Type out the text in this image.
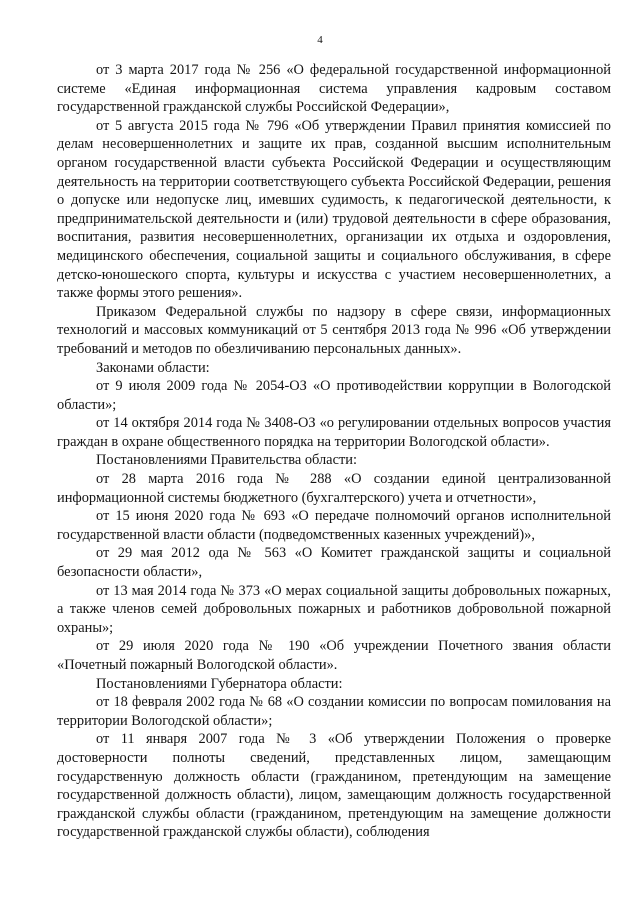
4

от 3 марта 2017 года № 256 «О федеральной государственной информационной системе «Единая информационная система управления кадровым составом государственной гражданской службы Российской Федерации»,

от 5 августа 2015 года № 796 «Об утверждении Правил принятия комиссией по делам несовершеннолетних и защите их прав, созданной высшим исполнительным органом государственной власти субъекта Российской Федерации и осуществляющим деятельность на территории соответствующего субъекта Российской Федерации, решения о допуске или недопуске лиц, имевших судимость, к педагогической деятельности, к предпринимательской деятельности и (или) трудовой деятельности в сфере образования, воспитания, развития несовершеннолетних, организации их отдыха и оздоровления, медицинского обеспечения, социальной защиты и социального обслуживания, в сфере детско-юношеского спорта, культуры и искусства с участием несовершеннолетних, а также формы этого решения».

Приказом Федеральной службы по надзору в сфере связи, информационных технологий и массовых коммуникаций от 5 сентября 2013 года № 996 «Об утверждении требований и методов по обезличиванию персональных данных».

Законами области:

от 9 июля 2009 года № 2054-ОЗ «О противодействии коррупции в Вологодской области»;

от 14 октября 2014 года № 3408-ОЗ «о регулировании отдельных вопросов участия граждан в охране общественного порядка на территории Вологодской области».

Постановлениями Правительства области:

от 28 марта 2016 года № 288 «О создании единой централизованной информационной системы бюджетного (бухгалтерского) учета и отчетности»,

от 15 июня 2020 года № 693 «О передаче полномочий органов исполнительной государственной власти области (подведомственных казенных учреждений)»,

от 29 мая 2012 ода № 563 «О Комитет гражданской защиты и социальной безопасности области»,

от 13 мая 2014 года № 373 «О мерах социальной защиты добровольных пожарных, а также членов семей добровольных пожарных и работников добровольной пожарной охраны»;

от 29 июля 2020 года № 190 «Об учреждении Почетного звания области «Почетный пожарный Вологодской области».

Постановлениями Губернатора области:

от 18 февраля 2002 года № 68 «О создании комиссии по вопросам помилования на территории Вологодской области»;

от 11 января 2007 года № 3 «Об утверждении Положения о проверке достоверности полноты сведений, представленных лицом, замещающим государственную должность области (гражданином, претендующим на замещение государственной должность области), лицом, замещающим должность государственной гражданской службы области (гражданином, претендующим на замещение должности государственной гражданской службы области), соблюдения
